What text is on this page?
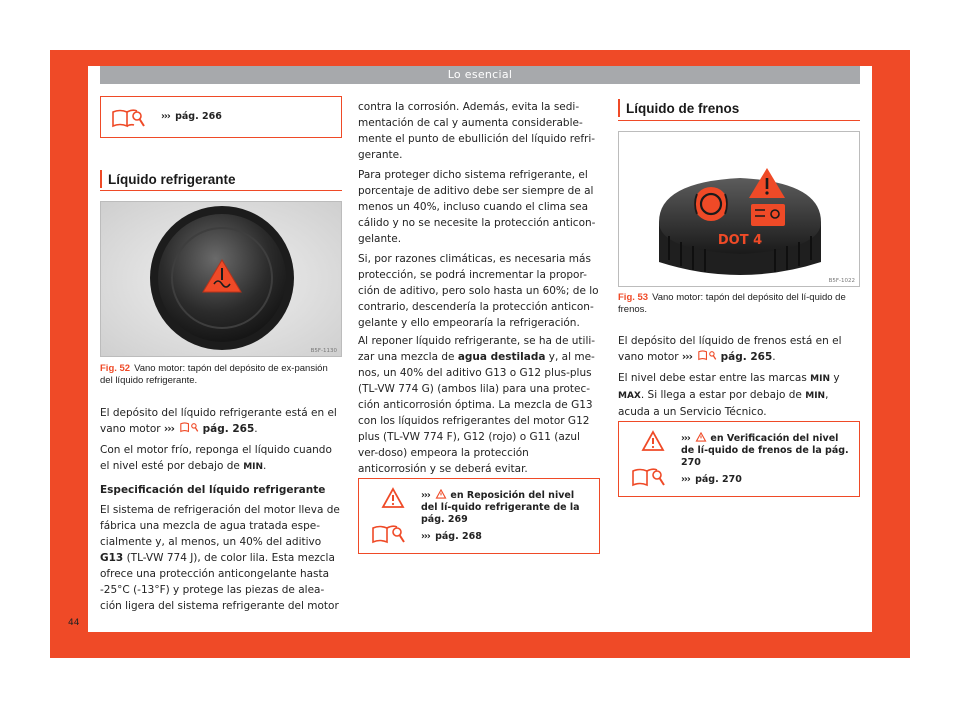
Lo esencial
››› pág. 266
Líquido refrigerante
B5F-1130
Fig. 52 Vano motor: tapón del depósito de ex-pansión del líquido refrigerante.
El depósito del líquido refrigerante está en el vano motor ›››	pág. 265.
Con el motor frío, reponga el líquido cuando el nivel esté por debajo de MIN.
Especificación del líquido refrigerante
El sistema de refrigeración del motor lleva de fábrica una mezcla de agua tratada espe-cialmente y, al menos, un 40% del aditivo G13 (TL-VW 774 J), de color lila. Esta mezcla ofrece una protección anticongelante hasta -25°C (-13°F) y protege las piezas de alea-ción ligera del sistema refrigerante del motor
contra la corrosión. Además, evita la sedi-mentación de cal y aumenta considerable-mente el punto de ebullición del líquido refri-gerante.
Para proteger dicho sistema refrigerante, el porcentaje de aditivo debe ser siempre de al menos un 40%, incluso cuando el clima sea cálido y no se necesite la protección anticon-gelante.
Si, por razones climáticas, es necesaria más protección, se podrá incrementar la propor-ción de aditivo, pero solo hasta un 60%; de lo contrario, descendería la protección anticon-gelante y ello empeoraría la refrigeración.
Al reponer líquido refrigerante, se ha de utili-zar una mezcla de agua destilada y, al me-nos, un 40% del aditivo G13 o G12 plus-plus (TL-VW 774 G) (ambos lila) para una protec-ción anticorrosión óptima. La mezcla de G13 con los líquidos refrigerantes del motor G12 plus (TL-VW 774 F), G12 (rojo) o G11 (azul ver-doso) empeora la protección anticorrosión y se deberá evitar.
››› en Reposición del nivel del lí-quido refrigerante de la pág. 269
››› pág. 268
Líquido de frenos
DOT 4
B5F-1022
Fig. 53 Vano motor: tapón del depósito del lí-quido de frenos.
El depósito del líquido de frenos está en el vano motor ›››	pág. 265.
El nivel debe estar entre las marcas MIN y MAX. Si llega a estar por debajo de MIN, acuda a un Servicio Técnico.
››› en Verificación del nivel de lí-quido de frenos de la pág. 270
››› pág. 270
44
